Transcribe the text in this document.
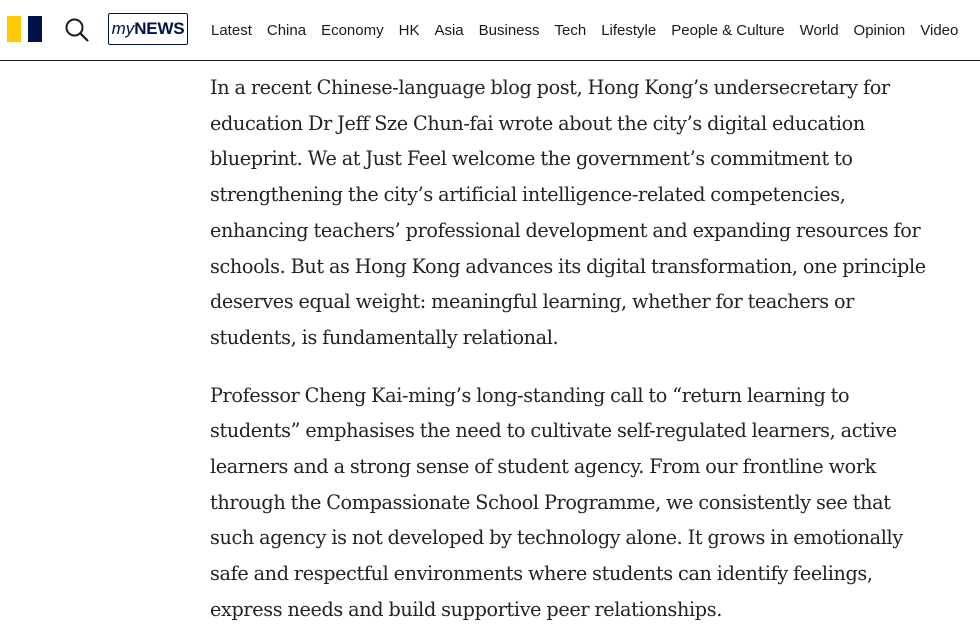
my NEWS Latest China Economy HK Asia Business Tech Lifestyle People & Culture World Opinion Video

In a recent Chinese-language blog post, Hong Kong’s undersecretary for education Dr Jeff Sze Chun-fai wrote about the city’s digital education blueprint. We at Just Feel welcome the government’s commitment to strengthening the city’s artificial intelligence-related competencies, enhancing teachers’ professional development and expanding resources for schools. But as Hong Kong advances its digital transformation, one principle deserves equal weight: meaningful learning, whether for teachers or students, is fundamentally relational.

Professor Cheng Kai-ming’s long-standing call to “return learning to students” emphasises the need to cultivate self-regulated learners, active learners and a strong sense of student agency. From our frontline work through the Compassionate School Programme, we consistently see that such agency is not developed by technology alone. It grows in emotionally safe and respectful environments where students can identify feelings, express needs and build supportive peer relationships.
